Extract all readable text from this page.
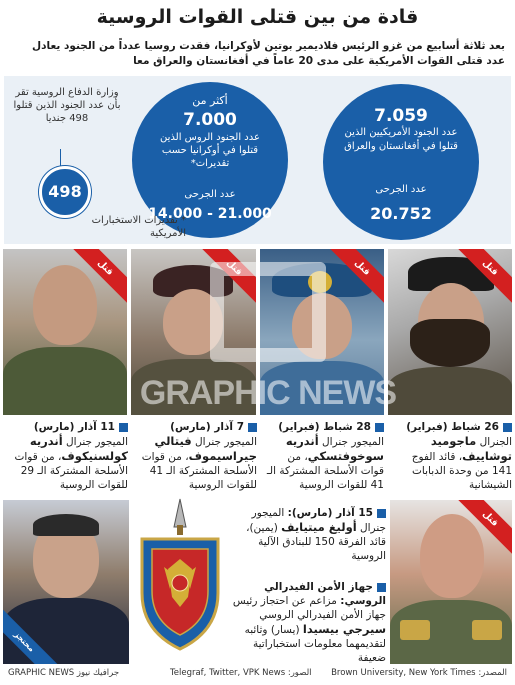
قادة من بين قتلى القوات الروسية
بعد ثلاثة أسابيع من غزو الرئيس فلاديمير بوتين لأوكرانيا، فقدت روسيا عدداً من الجنود يعادل عدد قتلى القوات الأمريكية على مدى 20 عاماً في أفغانستان والعراق معا
7.059
عدد الجنود الأمريكيين الذين قتلوا في أفغانستان والعراق
عدد الجرحى
20.752
أكثر من
7.000
عدد الجنود الروس الذين قتلوا في أوكرانيا حسب تقديرات*
عدد الجرحى
14.000 - 21.000
وزارة الدفاع الروسية تقر بأن عدد الجنود الذين قتلوا 498 جنديا
498
* تقديرات الاستخبارات الأمريكية
قتل
قتل
قتل
قتل
GRAPHIC NEWS
26 شباط (فبراير) الجنرال ماجوميد توشاييف، قائد الفوج 141 من وحدة الدبابات الشيشانية
28 شباط (فبراير) الميجور جنرال أندريه سوخوفتسكي، من قوات الأسلحة المشتركة الـ 41 للقوات الروسية
7 آذار (مارس) الميجور جنرال فيتالي جيراسيموف، من قوات الأسلحة المشتركة الـ 41 للقوات الروسية
11 آذار (مارس) الميجور جنرال أندريه كولسنيكوف، من قوات الأسلحة المشتركة الـ 29 للقوات الروسية
محتجز
15 آذار (مارس): الميجور جنرال أوليغ ميتيايف (يمين)، قائد الفرقة 150 للبنادق الآلية الروسية
جهاز الأمن الفيدرالي الروسي: مزاعم عن احتجاز رئيس جهاز الأمن الفيدرالي الروسي سيرجي بيسيدا (يسار) وثائبه لتقديمهما معلومات استخباراتية ضعيفة
قتل
المصدر: Brown University, New York Times
الصور: Telegraf, Twitter, VPK News
جرافيك نيوز GRAPHIC NEWS
